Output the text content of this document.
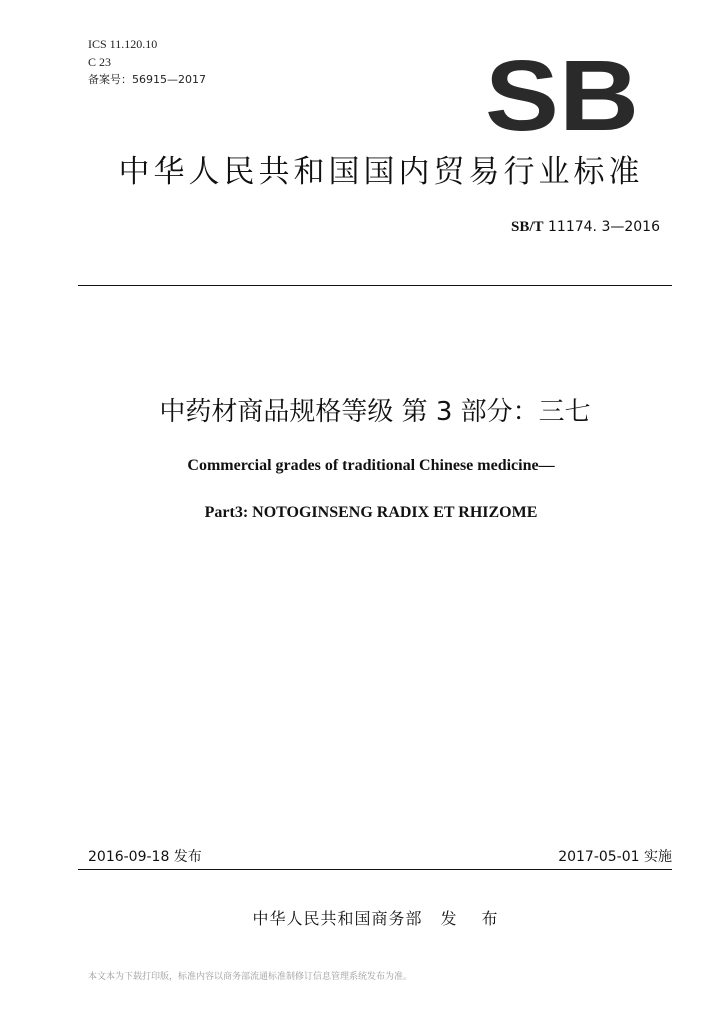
ICS 11.120.10
C 23
备案号：56915—2017	SB
中华人民共和国国内贸易行业标准
SB/T 11174. 3—2016
中药材商品规格等级 第 3 部分：三七
Commercial grades of traditional Chinese medicine—
Part3: NOTOGINSENG RADIX ET RHIZOME
2016-09-18 发布	2017-05-01 实施
中华人民共和国商务部 发 布
本文本为下载打印版，标准内容以商务部流通标准制修订信息管理系统发布为准。
